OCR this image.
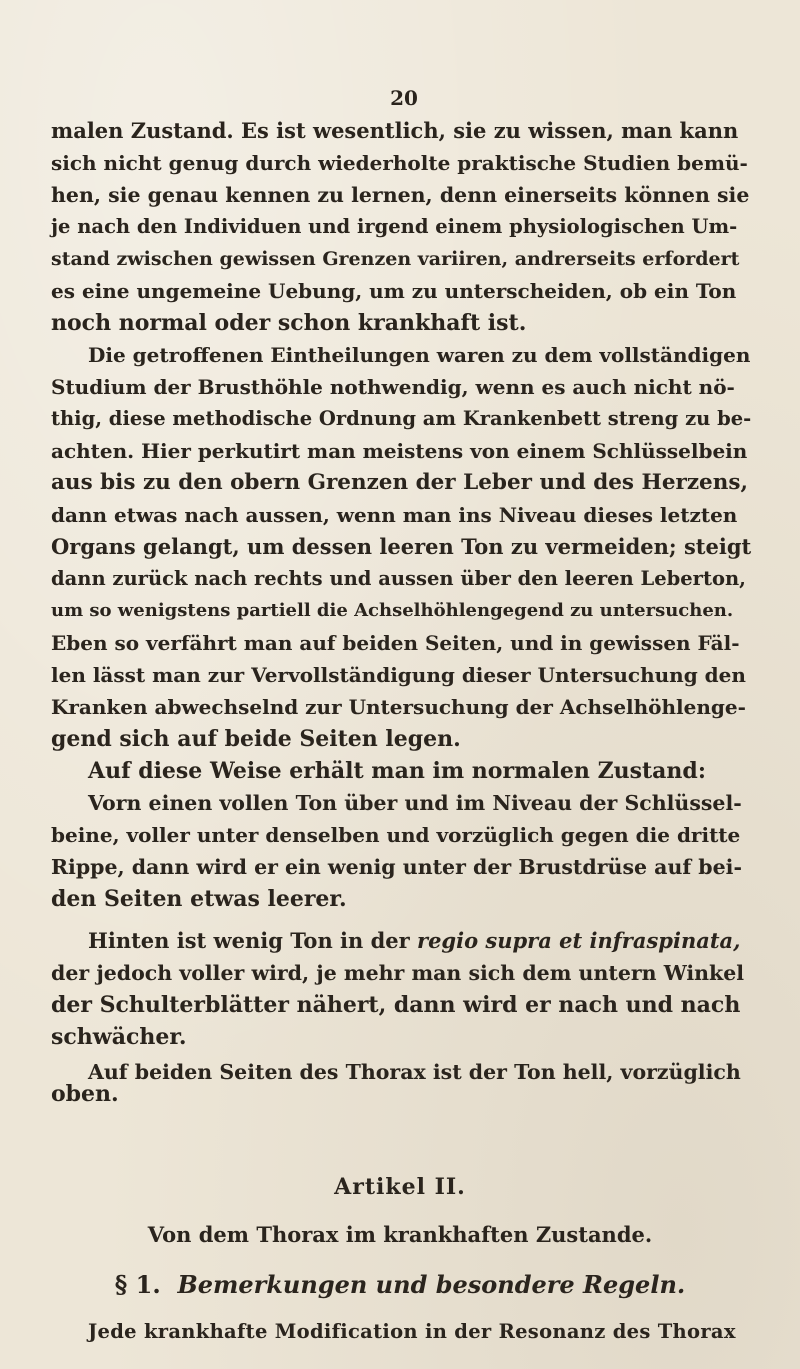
20
malen Zustand. Es ist wesentlich, sie zu wissen, man kann
sich nicht genug durch wiederholte praktische Studien bemü-
hen, sie genau kennen zu lernen, denn einerseits können sie
je nach den Individuen und irgend einem physiologischen Um-
stand zwischen gewissen Grenzen variiren, andrerseits erfordert
es eine ungemeine Uebung, um zu unterscheiden, ob ein Ton
noch normal oder schon krankhaft ist.
Die getroffenen Eintheilungen waren zu dem vollständigen
Studium der Brusthöhle nothwendig, wenn es auch nicht nö-
thig, diese methodische Ordnung am Krankenbett streng zu be-
achten. Hier perkutirt man meistens von einem Schlüsselbein
aus bis zu den obern Grenzen der Leber und des Herzens,
dann etwas nach aussen, wenn man ins Niveau dieses letzten
Organs gelangt, um dessen leeren Ton zu vermeiden; steigt
dann zurück nach rechts und aussen über den leeren Leberton,
um so wenigstens partiell die Achselhöhlengegend zu untersuchen.
Eben so verfährt man auf beiden Seiten, und in gewissen Fäl-
len lässt man zur Vervollständigung dieser Untersuchung den
Kranken abwechselnd zur Untersuchung der Achselhöhlenge-
gend sich auf beide Seiten legen.
Auf diese Weise erhält man im normalen Zustand:
Vorn einen vollen Ton über und im Niveau der Schlüssel-
beine, voller unter denselben und vorzüglich gegen die dritte
Rippe, dann wird er ein wenig unter der Brustdrüse auf bei-
den Seiten etwas leerer.
Hinten ist wenig Ton in der regio supra et infraspinata,
der jedoch voller wird, je mehr man sich dem untern Winkel
der Schulterblätter nähert, dann wird er nach und nach
schwächer.
Auf beiden Seiten des Thorax ist der Ton hell, vorzüglich
oben.
Artikel II.
Von dem Thorax im krankhaften Zustande.
§ 1. Bemerkungen und besondere Regeln.
Jede krankhafte Modification in der Resonanz des Thorax
